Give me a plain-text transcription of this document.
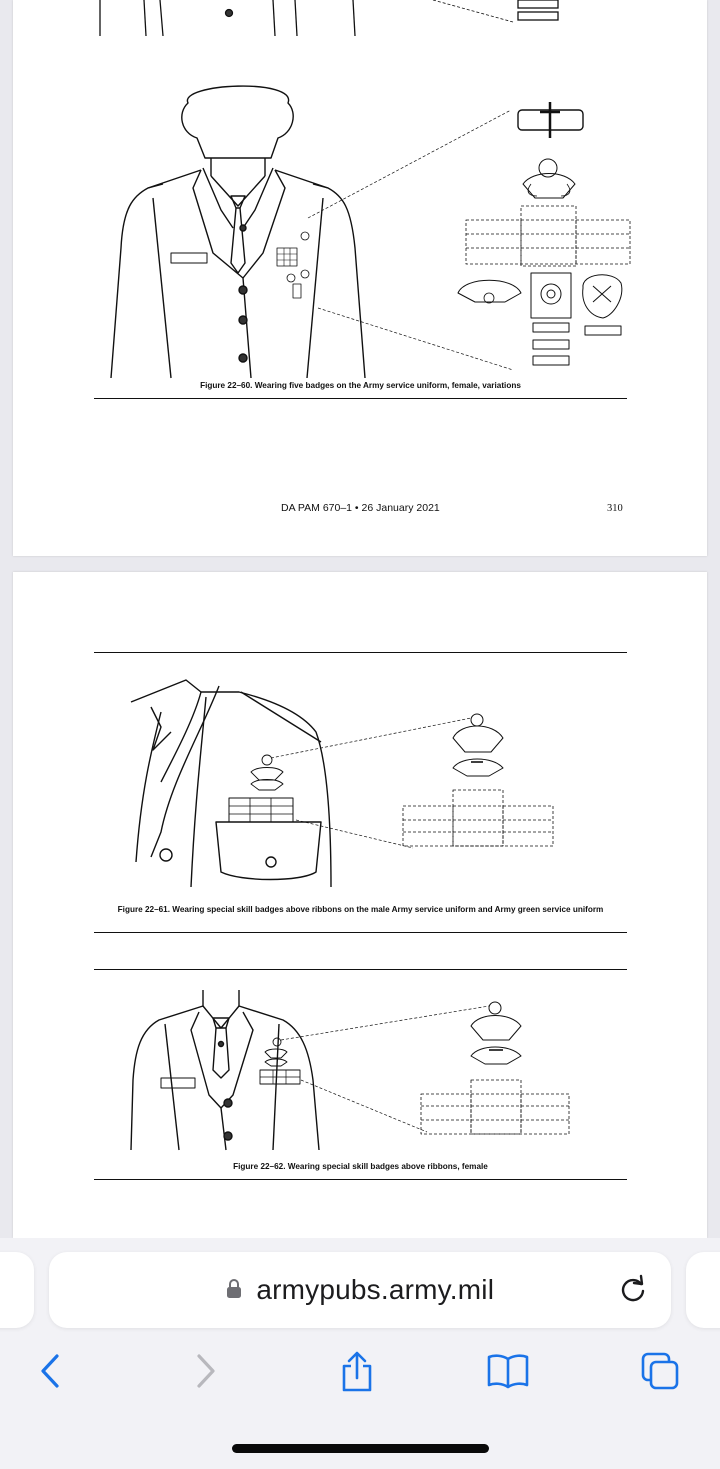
Figure 22–60. Wearing five badges on the Army service uniform, female, variations
DA PAM 670–1 • 26 January 2021	310
Figure 22–61. Wearing special skill badges above ribbons on the male Army service uniform and Army green service uniform
Figure 22–62. Wearing special skill badges above ribbons, female
armypubs.army.mil
